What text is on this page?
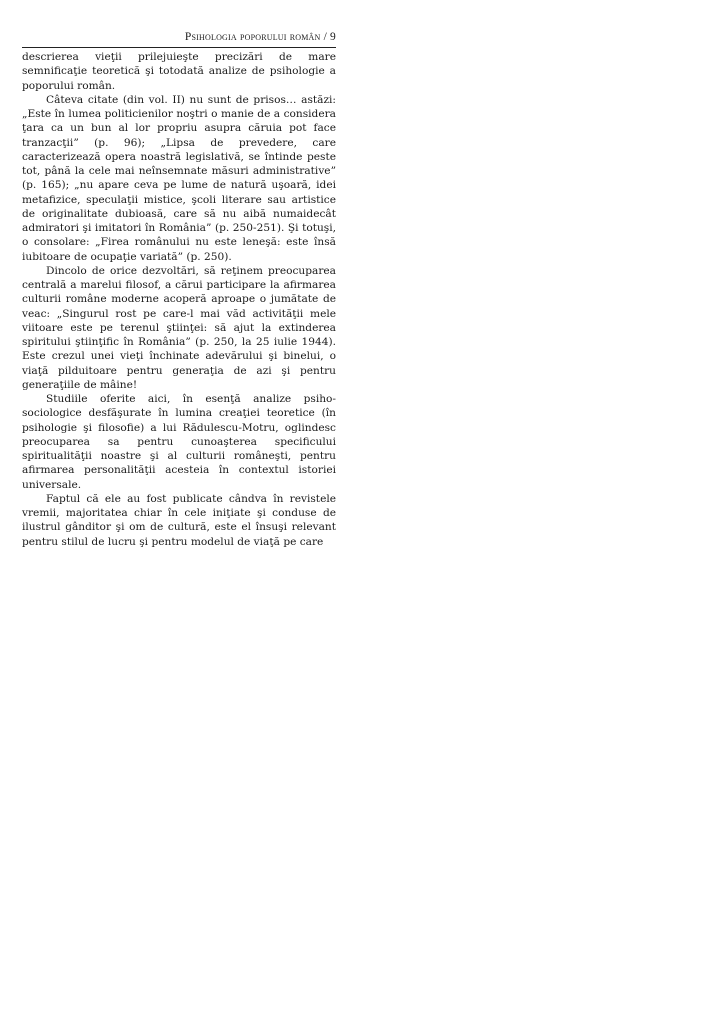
Psihologia poporului român / 9

descrierea vieţii prilejuieşte precizări de mare semnificaţie teoretică şi totodată analize de psihologie a poporului român.

Câteva citate (din vol. II) nu sunt de prisos… astăzi: „Este în lumea politicienilor noştri o manie de a considera ţara ca un bun al lor propriu asupra căruia pot face tranzacţii” (p. 96); „Lipsa de prevedere, care caracterizează opera noastră legislativă, se întinde peste tot, până la cele mai neînsemnate măsuri administrative” (p. 165); „nu apare ceva pe lume de natură uşoară, idei metafizice, speculaţii mistice, şcoli literare sau artistice de originalitate dubioasă, care să nu aibă numaidecât admiratori şi imitatori în România” (p. 250-251). Şi totuşi, o consolare: „Firea românului nu este leneşă: este însă iubitoare de ocupaţie variată” (p. 250).

Dincolo de orice dezvoltări, să reţinem preocuparea centrală a marelui filosof, a cărui participare la afirmarea culturii române moderne acoperă aproape o jumătate de veac: „Singurul rost pe care-l mai văd activităţii mele viitoare este pe terenul ştiinţei: să ajut la extinderea spiritului ştiinţific în România” (p. 250, la 25 iulie 1944). Este crezul unei vieţi închinate adevărului şi binelui, o viaţă pilduitoare pentru generaţia de azi şi pentru generaţiile de mâine!

Studiile oferite aici, în esenţă analize psiho-sociologice desfăşurate în lumina creaţiei teoretice (în psihologie şi filosofie) a lui Rădulescu-Motru, oglindesc preocuparea sa pentru cunoaşterea specificului spiritualităţii noastre şi al culturii româneşti, pentru afirmarea personalităţii acesteia în contextul istoriei universale.

Faptul că ele au fost publicate cândva în revistele vremii, majoritatea chiar în cele iniţiate şi conduse de ilustrul gânditor şi om de cultură, este el însuşi relevant pentru stilul de lucru şi pentru modelul de viaţă pe care
